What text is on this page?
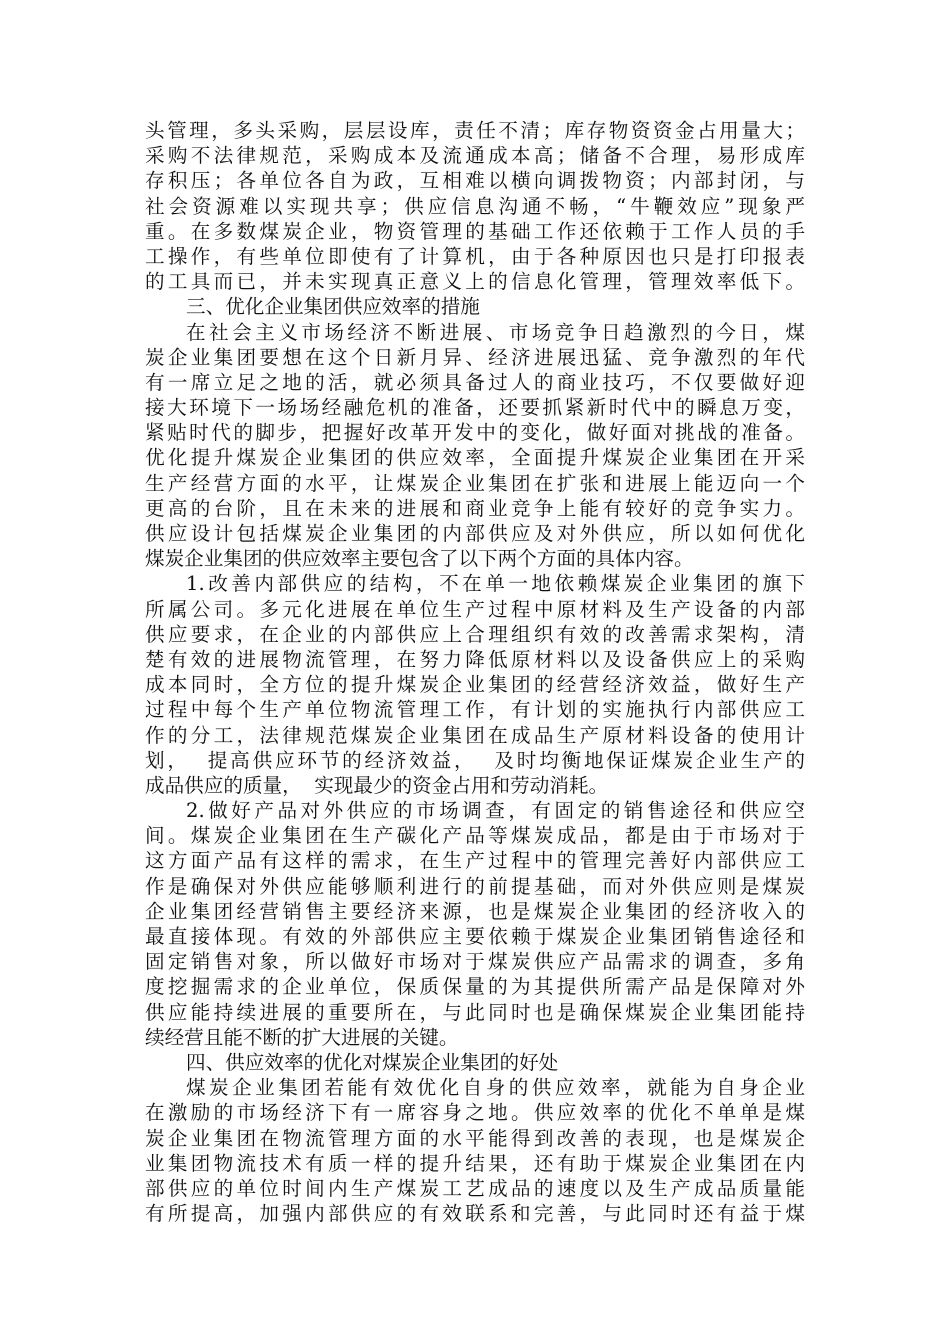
头管理，多头采购，层层设库，责任不清；库存物资资金占用量大；
采购不法律规范，采购成本及流通成本高；储备不合理，易形成库
存积压；各单位各自为政，互相难以横向调拨物资；内部封闭，与
社会资源难以实现共享；供应信息沟通不畅，“牛鞭效应”现象严
重。在多数煤炭企业，物资管理的基础工作还依赖于工作人员的手
工操作，有些单位即使有了计算机，由于各种原因也只是打印报表
的工具而已，并未实现真正意义上的信息化管理，管理效率低下。
三、优化企业集团供应效率的措施
在社会主义市场经济不断进展、市场竞争日趋激烈的今日，煤
炭企业集团要想在这个日新月异、经济进展迅猛、竞争激烈的年代
有一席立足之地的活，就必须具备过人的商业技巧，不仅要做好迎
接大环境下一场场经融危机的准备，还要抓紧新时代中的瞬息万变，
紧贴时代的脚步，把握好改革开发中的变化，做好面对挑战的准备。
优化提升煤炭企业集团的供应效率，全面提升煤炭企业集团在开采
生产经营方面的水平，让煤炭企业集团在扩张和进展上能迈向一个
更高的台阶，且在未来的进展和商业竞争上能有较好的竞争实力。
供应设计包括煤炭企业集团的内部供应及对外供应，所以如何优化
煤炭企业集团的供应效率主要包含了以下两个方面的具体内容。
1.改善内部供应的结构，不在单一地依赖煤炭企业集团的旗下
所属公司。多元化进展在单位生产过程中原材料及生产设备的内部
供应要求，在企业的内部供应上合理组织有效的改善需求架构，清
楚有效的进展物流管理，在努力降低原材料以及设备供应上的采购
成本同时，全方位的提升煤炭企业集团的经营经济效益，做好生产
过程中每个生产单位物流管理工作，有计划的实施执行内部供应工
作的分工，法律规范煤炭企业集团在成品生产原材料设备的使用计
划，  提高供应环节的经济效益，  及时均衡地保证煤炭企业生产的
成品供应的质量，  实现最少的资金占用和劳动消耗。
2.做好产品对外供应的市场调查，有固定的销售途径和供应空
间。煤炭企业集团在生产碳化产品等煤炭成品，都是由于市场对于
这方面产品有这样的需求，在生产过程中的管理完善好内部供应工
作是确保对外供应能够顺利进行的前提基础，而对外供应则是煤炭
企业集团经营销售主要经济来源，也是煤炭企业集团的经济收入的
最直接体现。有效的外部供应主要依赖于煤炭企业集团销售途径和
固定销售对象，所以做好市场对于煤炭供应产品需求的调查，多角
度挖掘需求的企业单位，保质保量的为其提供所需产品是保障对外
供应能持续进展的重要所在，与此同时也是确保煤炭企业集团能持
续经营且能不断的扩大进展的关键。
四、供应效率的优化对煤炭企业集团的好处
煤炭企业集团若能有效优化自身的供应效率，就能为自身企业
在激励的市场经济下有一席容身之地。供应效率的优化不单单是煤
炭企业集团在物流管理方面的水平能得到改善的表现，也是煤炭企
业集团物流技术有质一样的提升结果，还有助于煤炭企业集团在内
部供应的单位时间内生产煤炭工艺成品的速度以及生产成品质量能
有所提高，加强内部供应的有效联系和完善，与此同时还有益于煤
